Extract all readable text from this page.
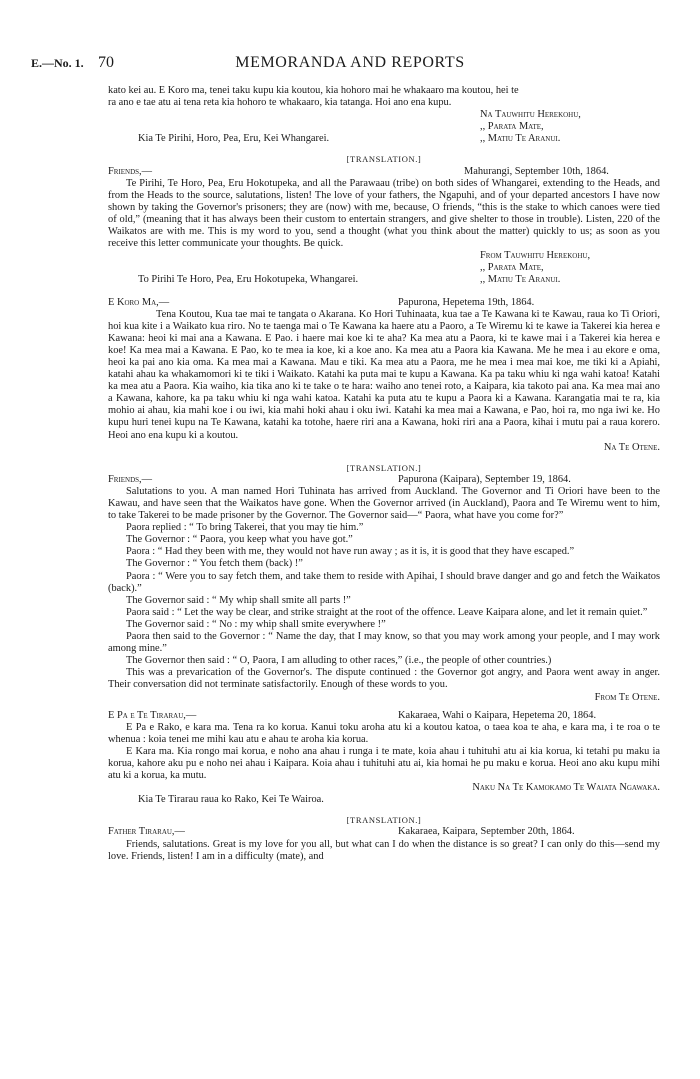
E.—No. 1. 70	MEMORANDA AND REPORTS

kato kei au. E Koro ma, tenei taku kupu kia koutou, kia hohoro mai he whakaaro ma koutou, hei te

ra ano e tae atu ai tena reta kia hohoro te whakaaro, kia tatanga. Hoi ano ena kupu.

Na Tauwhitu Herekohu,

,, Parata Mate,

Kia Te Pirihi, Horo, Pea, Eru, Kei Whangarei.	,, Matiu Te Aranui.

[TRANSLATION.]

Friends,—	Mahurangi, September 10th, 1864.

Te Pirihi, Te Horo, Pea, Eru Hokotupeka, and all the Parawaau (tribe) on both sides of Whangarei, extending to the Heads, and from the Heads to the source, salutations, listen! The love of your fathers, the Ngapuhi, and of your departed ancestors I have now shown by taking the Governor's prisoners; they are (now) with me, because, O friends, “this is the stake to which canoes were tied of old,” (meaning that it has always been their custom to entertain strangers, and give shelter to those in trouble). Listen, 220 of the Waikatos are with me. This is my word to you, send a thought (what you think about the matter) quickly to us; as soon as you receive this letter communicate your thoughts. Be quick.

From Tauwhitu Herekohu,

,, Parata Mate,

To Pirihi Te Horo, Pea, Eru Hokotupeka, Whangarei.	,, Matiu Te Aranui.
E Koro Ma,—	Papurona, Hepetema 19th, 1864.

Tena Koutou, Kua tae mai te tangata o Akarana. Ko Hori Tuhinaata, kua tae a Te Kawana ki te Kawau, raua ko Ti Oriori, hoi kua kite i a Waikato kua riro. No te taenga mai o Te Kawana ka haere atu a Paoro, a Te Wiremu ki te kawe ia Takerei kia herea e Kawana: heoi ki mai ana a Kawana. E Pao. i haere mai koe ki te aha? Ka mea atu a Paora, ki te kawe mai i a Takerei kia herea e koe! Ka mea mai a Kawana. E Pao, ko te mea ia koe, ki a koe ano. Ka mea atu a Paora kia Kawana. Me he mea i au ekore e oma, heoi ka pai ano kia oma. Ka mea mai a Kawana. Mau e tiki. Ka mea atu a Paora, me he mea i mea mai koe, me tiki ki a Apiahi, katahi ahau ka whakamomori ki te tiki i Waikato. Katahi ka puta mai te kupu a Kawana. Ka pa taku whiu ki nga wahi katoa! Katahi ka mea atu a Paora. Kia waiho, kia tika ano ki te take o te hara: waiho ano tenei roto, a Kaipara, kia takoto pai ana. Ka mea mai ano a Kawana, kahore, ka pa taku whiu ki nga wahi katoa. Katahi ka puta atu te kupu a Paora ki a Kawana. Karangatia mai te ra, kia mohio ai ahau, kia mahi koe i ou iwi, kia mahi hoki ahau i oku iwi. Katahi ka mea mai a Kawana, e Pao, hoi ra, mo nga iwi ke. Ho kupu huri tenei kupu na Te Kawana, katahi ka totohe, haere riri ana a Kawana, hoki riri ana a Paora, kihai i mutu pai a raua korero. Heoi ano ena kupu ki a koutou.

Na Te Otene.

[TRANSLATION.]

Friends,—	Papurona (Kaipara), September 19, 1864.

Salutations to you. A man named Hori Tuhinata has arrived from Auckland. The Governor and Ti Oriori have been to the Kawau, and have seen that the Waikatos have gone. When the Governor arrived (in Auckland), Paora and Te Wiremu went to him, to take Takerei to be made prisoner by the Governor. The Governor said—“ Paora, what have you come for?”

Paora replied : “ To bring Takerei, that you may tie him.”

The Governor : “ Paora, you keep what you have got.”

Paora : “ Had they been with me, they would not have run away ; as it is, it is good that they have escaped.”

The Governor : “ You fetch them (back) !”

Paora : “ Were you to say fetch them, and take them to reside with Apihai, I should brave danger and go and fetch the Waikatos (back).”

The Governor said : “ My whip shall smite all parts !”

Paora said : “ Let the way be clear, and strike straight at the root of the offence. Leave Kaipara alone, and let it remain quiet.”

The Governor said : “ No : my whip shall smite everywhere !”

Paora then said to the Governor : “ Name the day, that I may know, so that you may work among your people, and I may work among mine.”

The Governor then said : “ O, Paora, I am alluding to other races,” (i.e., the people of other countries.)

This was a prevarication of the Governor's. The dispute continued : the Governor got angry, and Paora went away in anger. Their conversation did not terminate satisfactorily. Enough of these words to you.

From Te Otene.

E Pa e Te Tirarau,—	Kakaraea, Wahi o Kaipara, Hepetema 20, 1864.

E Pa e Rako, e kara ma. Tena ra ko korua. Kanui toku aroha atu ki a koutou katoa, o taea koa te aha, e kara ma, i te roa o te whenua : koia tenei me mihi kau atu e ahau te aroha kia korua.

E Kara ma. Kia rongo mai korua, e noho ana ahau i runga i te mate, koia ahau i tuhituhi atu ai kia korua, ki tetahi pu maku ia korua, kahore aku pu e noho nei ahau i Kaipara. Koia ahau i tuhituhi atu ai, kia homai he pu maku e korua. Heoi ano aku kupu mihi atu ki a korua, ka mutu.

Naku Na Te Kamokamo Te Waiata Ngawaka.

Kia Te Tirarau raua ko Rako, Kei Te Wairoa.

[TRANSLATION.]

Father Tirarau,—	Kakaraea, Kaipara, September 20th, 1864.

Friends, salutations. Great is my love for you all, but what can I do when the distance is so great? I can only do this—send my love. Friends, listen! I am in a difficulty (mate), and
